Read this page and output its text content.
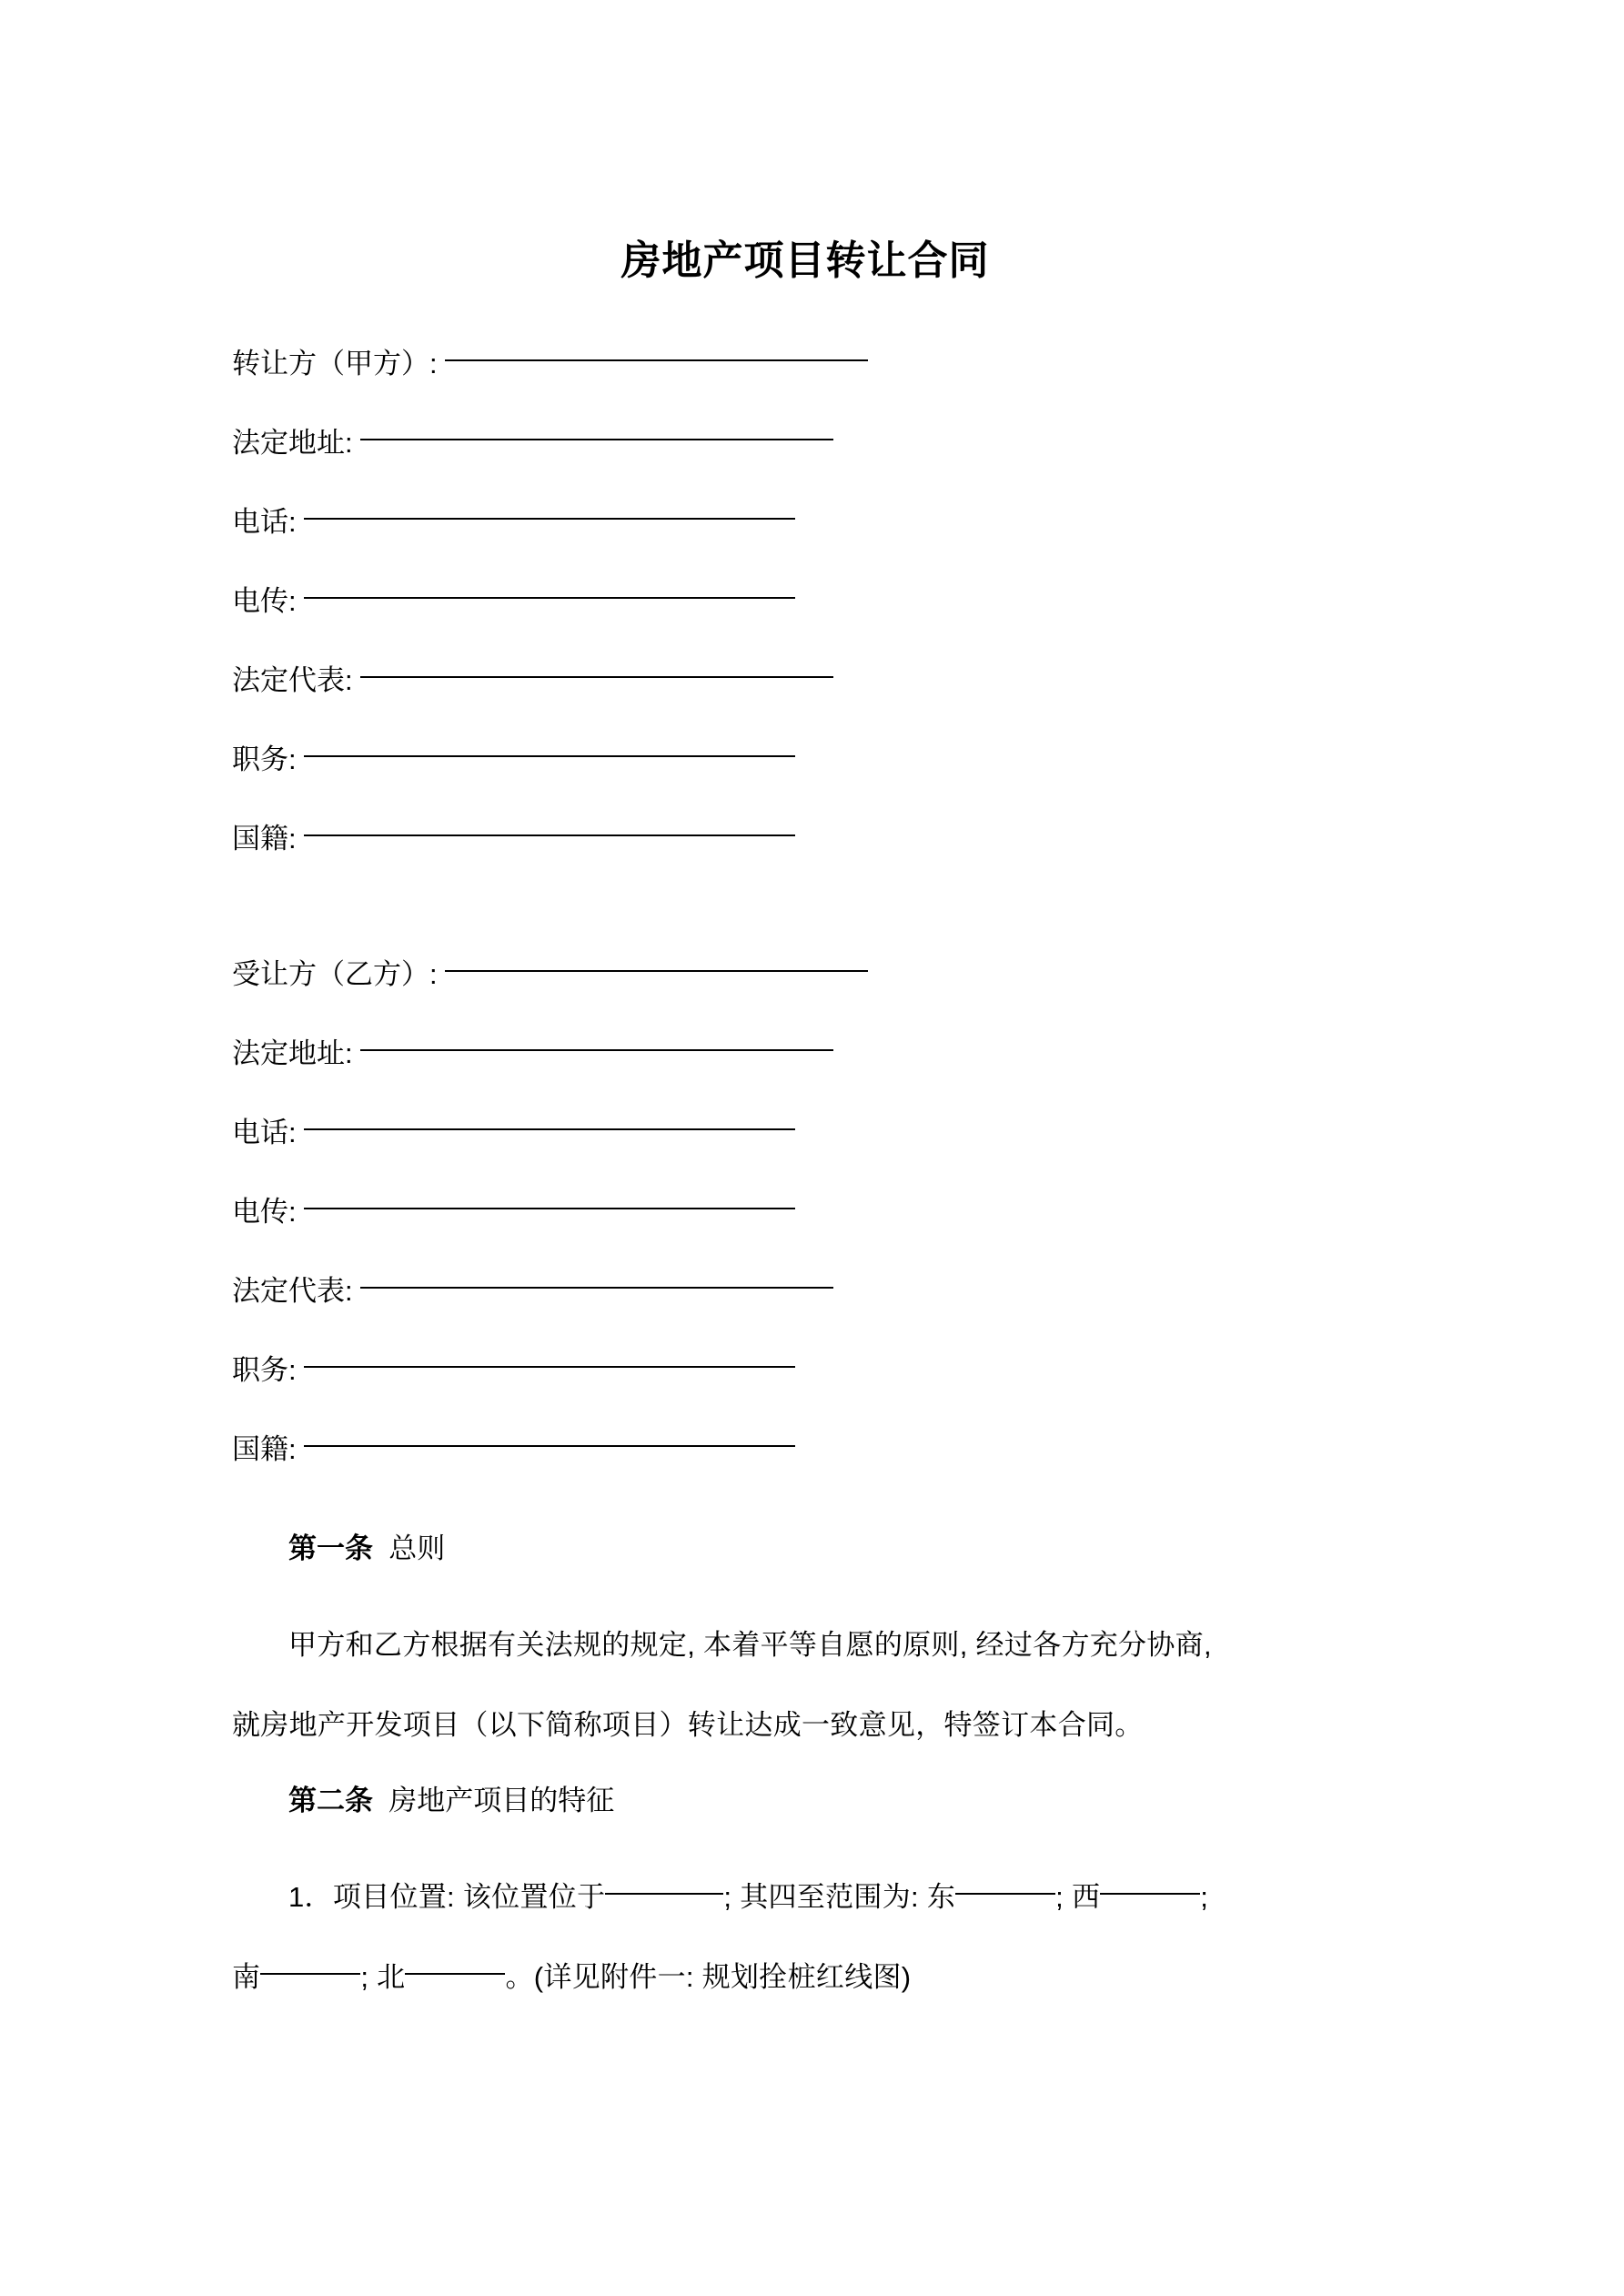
房地产项目转让合同
转让方（甲方）:
法定地址:
电话:
电传:
法定代表:
职务:
国籍:
受让方（乙方）:
法定地址:
电话:
电传:
法定代表:
职务:
国籍:
第一条 总则

甲方和乙方根据有关法规的规定, 本着平等自愿的原则, 经过各方充分协商,

就房地产开发项目（以下简称项目）转让达成一致意见，特签订本合同。

第二条 房地产项目的特征

1．项目位置: 该位置位于	; 其四至范围为: 东	; 西	;

南	; 北	。(详见附件一: 规划拴桩红线图)
